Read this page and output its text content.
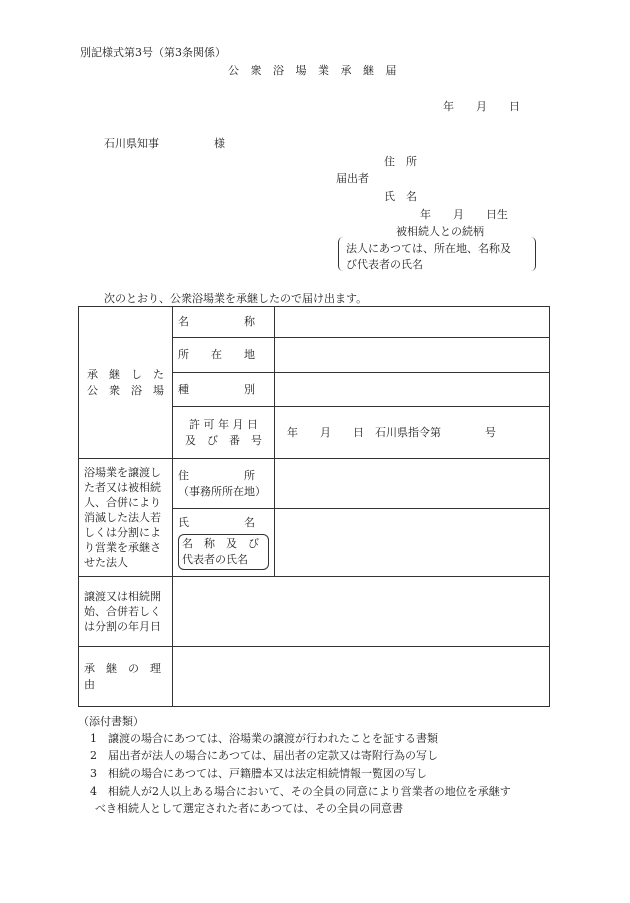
別記様式第3号（第3条関係）
公 衆 浴 場 業 承 継 届
年　　月　　日
石川県知事　　　　　様
住　所
届出者
氏　名
年　　月　　日生
被相続人との続柄
法人にあつては、所在地、名称及
び代表者の氏名
次のとおり、公衆浴場業を承継したので届け出ます。
承　継　し　た
公　衆　浴　場	名　　　　　称	
	所　　在　　地	
	種　　　　　別	

	許 可 年 月 日
及　び　番　号	年　　月　　日　石川県指令第　　　　号
浴場業を譲渡した者又は被相続人、合併により消滅した法人若しくは分割により営業を承継させた法人	住　　　　　所
（事務所所在地）	

	氏　　　　　名
名　称　及　び
代表者の氏名	

譲渡又は相続開始、合併若しくは分割の年月日		
承　継　の　理　由		
（添付書類）
1　譲渡の場合にあつては、浴場業の譲渡が行われたことを証する書類
2　届出者が法人の場合にあつては、届出者の定款又は寄附行為の写し
3　相続の場合にあつては、戸籍謄本又は法定相続情報一覧図の写し
4　相続人が2人以上ある場合において、その全員の同意により営業者の地位を承継す
べき相続人として選定された者にあつては、その全員の同意書
